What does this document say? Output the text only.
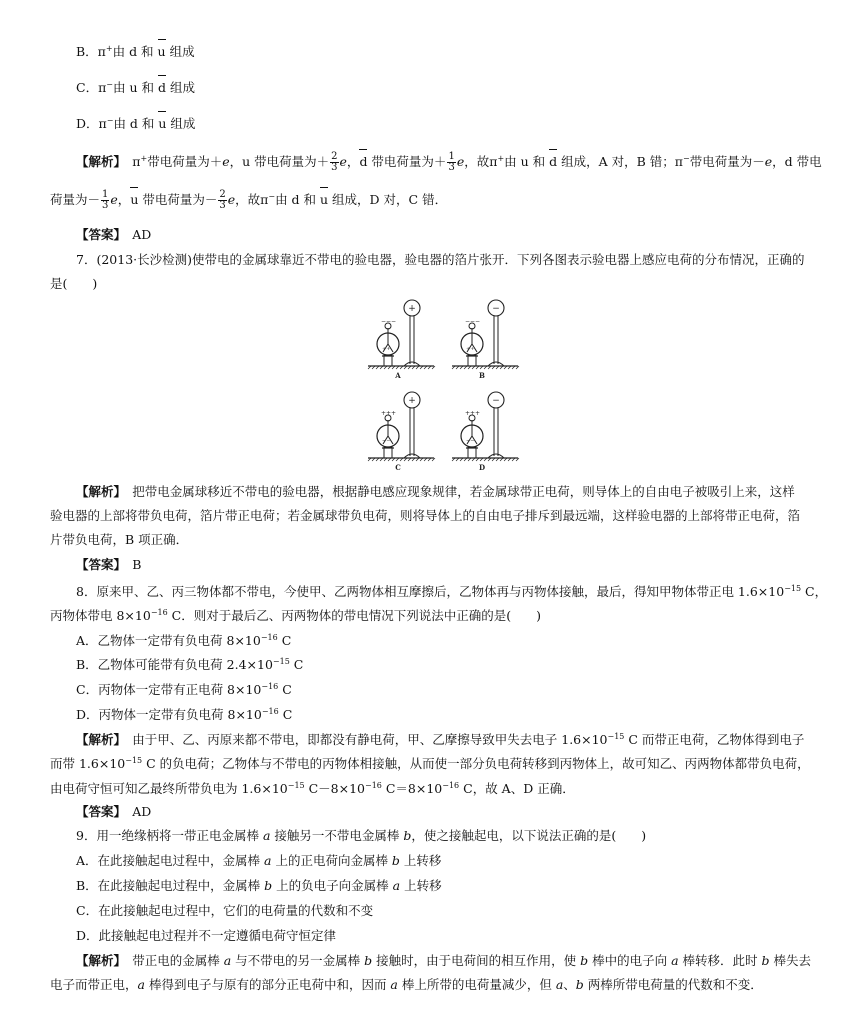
B．π+由 d 和 u 组成
C．π−由 u 和 d 组成
D．π−由 d 和 u 组成
【解析】　π+带电荷量为＋e，u 带电荷量为＋ $\frac{2}{3}$ e，d 带电荷量为＋ $\frac{1}{3}$ e，故π+由 u 和 d 组成，A 对，B 错；π−带电荷量为－e，d 带电
荷量为－ $\frac{1}{3}$ e，u 带电荷量为－ $\frac{2}{3}$ e，故π−由 d 和 u 组成，D 对，C 错．
【答案】　 AD
7．(2013·长沙检测)使带电的金属球靠近不带电的验电器，验电器的箔片张开．下列各图表示验电器上感应电荷的分布情况，正确的
是(　　)
−−−
++
+
A
−−−
++
−
B
+++
−−
+
C
+++
−−
−
D
【解析】　 把带电金属球移近不带电的验电器，根据静电感应现象规律，若金属球带正电荷，则导体上的自由电子被吸引上来，这样
验电器的上部将带负电荷，箔片带正电荷；若金属球带负电荷，则将导体上的自由电子排斥到最远端，这样验电器的上部将带正电荷，箔
片带负电荷，B 项正确．
【答案】　 B
8．原来甲、乙、丙三物体都不带电，今使甲、乙两物体相互摩擦后，乙物体再与丙物体接触，最后，得知甲物体带正电 $1.6\times 10^{-15}$ C，
丙物体带电 $8\times 10^{-16}$ C．则对于最后乙、丙两物体的带电情况下列说法中正确的是(　　)
A．乙物体一定带有负电荷 $8\times 10^{-16}$ C
B．乙物体可能带有负电荷 $2.4\times 10^{-15}$ C
C．丙物体一定带有正电荷 $8\times 10^{-16}$ C
D．丙物体一定带有负电荷 $8\times 10^{-16}$ C
【解析】　由于甲、乙、丙原来都不带电，即都没有静电荷，甲、乙摩擦导致甲失去电子 $1.6\times 10^{-15}$ C 而带正电荷，乙物体得到电子
而带 $1.6\times 10^{-15}$ C 的负电荷；乙物体与不带电的丙物体相接触，从而使一部分负电荷转移到丙物体上，故可知乙、丙两物体都带负电荷，
由电荷守恒可知乙最终所带负电为 $1.6\times 10^{-15}$ $C-8\times 10^{-16}$ $C=8\times 10^{-16}$ C，故 A、D 正确．
【答案】　 AD
9．用一绝缘柄将一带正电金属棒 a 接触另一不带电金属棒 b，使之接触起电，以下说法正确的是(　　)
A．在此接触起电过程中，金属棒 a 上的正电荷向金属棒 b 上转移
B．在此接触起电过程中，金属棒 b 上的负电子向金属棒 a 上转移
C．在此接触起电过程中，它们的电荷量的代数和不变
D．此接触起电过程并不一定遵循电荷守恒定律
【解析】　带正电的金属棒 a 与不带电的另一金属棒 b 接触时，由于电荷间的相互作用，使 b 棒中的电子向 a 棒转移．此时 b 棒失去
电子而带正电，a 棒得到电子与原有的部分正电荷中和，因而 a 棒上所带的电荷量减少，但 a、b 两棒所带电荷量的代数和不变．
